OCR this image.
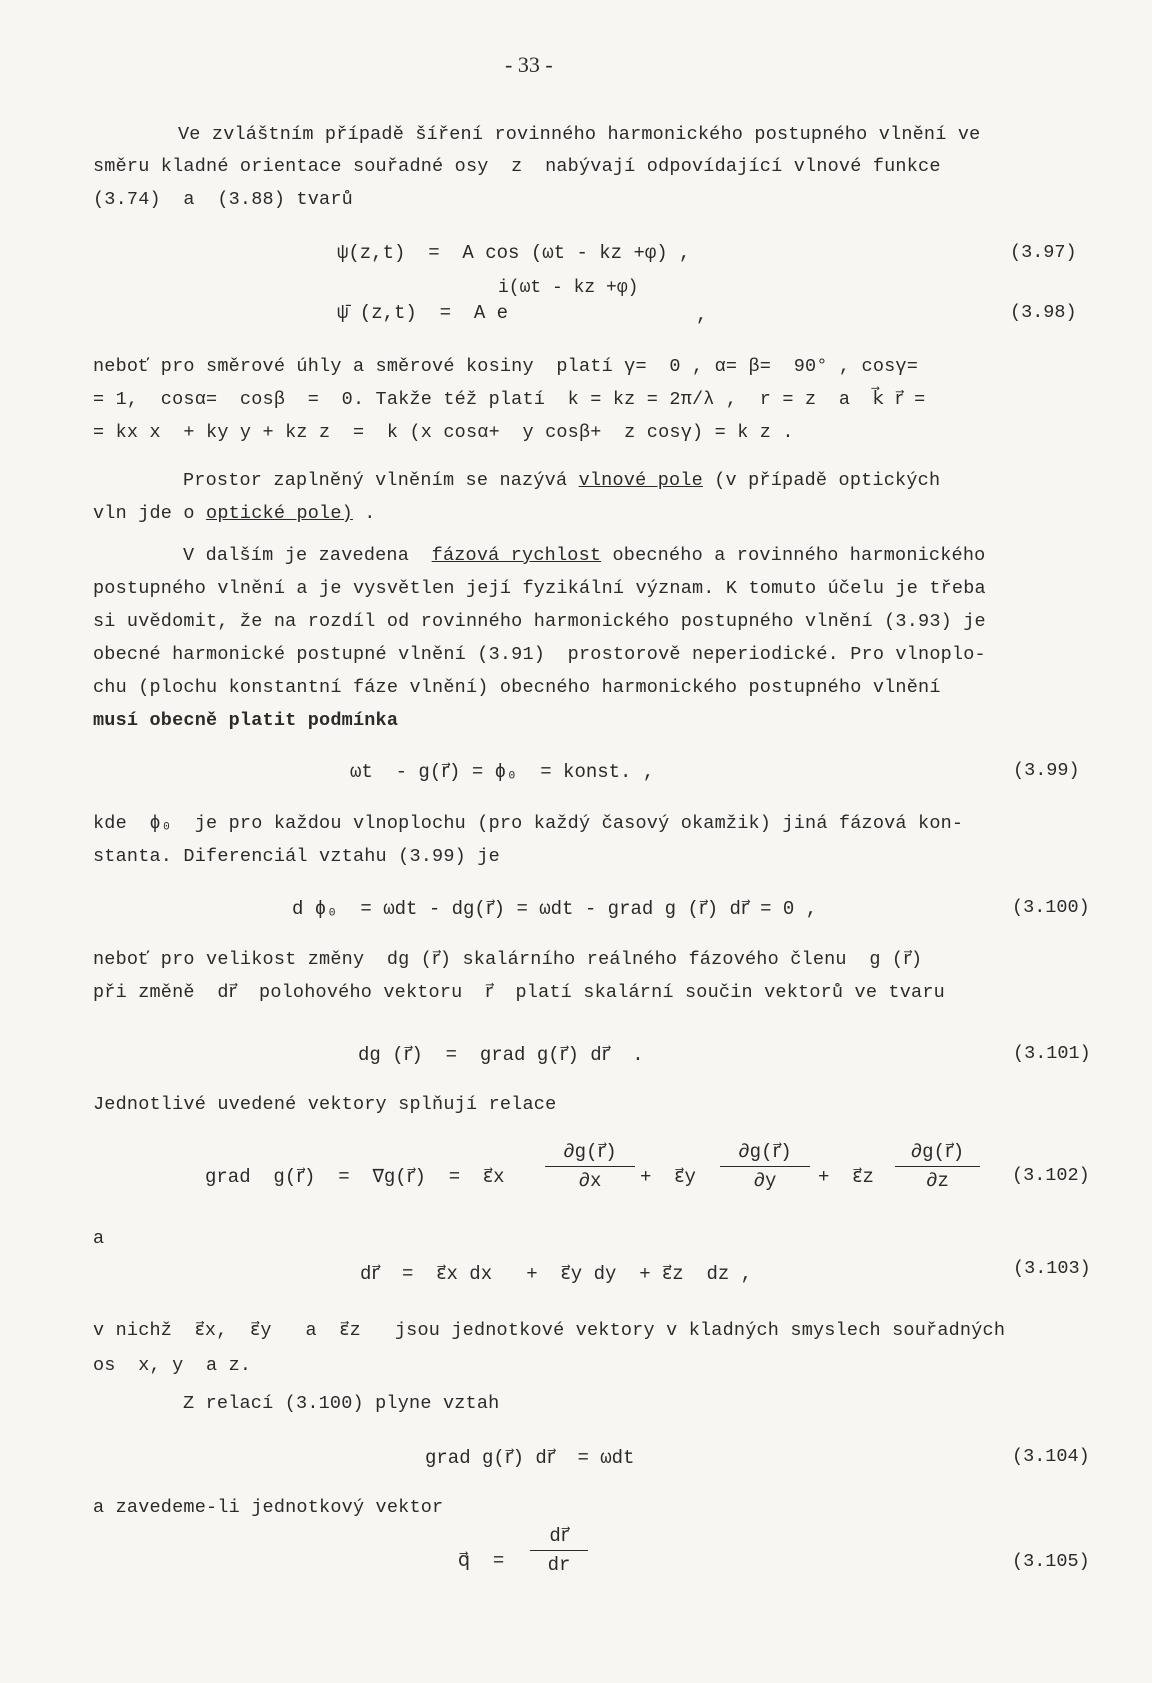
- 33 -
Ve zvláštním případě šíření rovinného harmonického postupného vlnění ve
směru kladné orientace souřadné osy  z  nabývají odpovídající vlnové funkce
(3.74)  a  (3.88) tvarů
ψ(z,t)  =  A cos (ωt - kz +φ) ,	(3.97)
i(ωt - kz +φ)
ψ̄ (z,t)  =  A e	,	(3.98)
neboť pro směrové úhly a směrové kosiny  platí γ=  0 , α= β=  90° , cosγ=
= 1,  cosα=  cosβ  =  0. Takže též platí  k = kz = 2π/λ ,  r = z  a  k⃗ r⃗ =
= kx x  + ky y + kz z  =  k (x cosα+  y cosβ+  z cosγ) = k z .
Prostor zaplněný vlněním se nazývá vlnové pole (v případě optických
vln jde o optické pole) .
V dalším je zavedena  fázová rychlost obecného a rovinného harmonického
postupného vlnění a je vysvětlen její fyzikální význam. K tomuto účelu je třeba
si uvědomit, že na rozdíl od rovinného harmonického postupného vlnění (3.93) je
obecné harmonické postupné vlnění (3.91)  prostorově neperiodické. Pro vlnoplo-
chu (plochu konstantní fáze vlnění) obecného harmonického postupného vlnění
musí obecně platit podmínka
ωt  - g(r⃗) = ϕ₀  = konst. ,	(3.99)
kde  ϕ₀  je pro každou vlnoplochu (pro každý časový okamžik) jiná fázová kon-
stanta. Diferenciál vztahu (3.99) je
d ϕ₀  = ωdt - dg(r⃗) = ωdt - grad g (r⃗) dr⃗ = 0 ,	(3.100)
neboť pro velikost změny  dg (r⃗) skalárního reálného fázového členu  g (r⃗)
při změně  dr⃗  polohového vektoru  r⃗  platí skalární součin vektorů ve tvaru
dg (r⃗)  =  grad g(r⃗) dr⃗  .	(3.101)
Jednotlivé uvedené vektory splňují relace
grad  g(r⃗)  =  ∇g(r⃗)  =  ε⃗x
∂g(r⃗)
∂x +  ε⃗y
∂g(r⃗)
∂y +  ε⃗z
∂g(r⃗)
∂z	(3.102)
a
dr⃗  =  ε⃗x dx   +  ε⃗y dy  + ε⃗z  dz ,	(3.103)
v nichž  ε⃗x,  ε⃗y   a  ε⃗z   jsou jednotkové vektory v kladných smyslech souřadných
os  x, y  a z.
Z relací (3.100) plyne vztah
grad g(r⃗) dr⃗  = ωdt	(3.104)
a zavedeme-li jednotkový vektor
q⃗  =
dr⃗
dr	(3.105)
